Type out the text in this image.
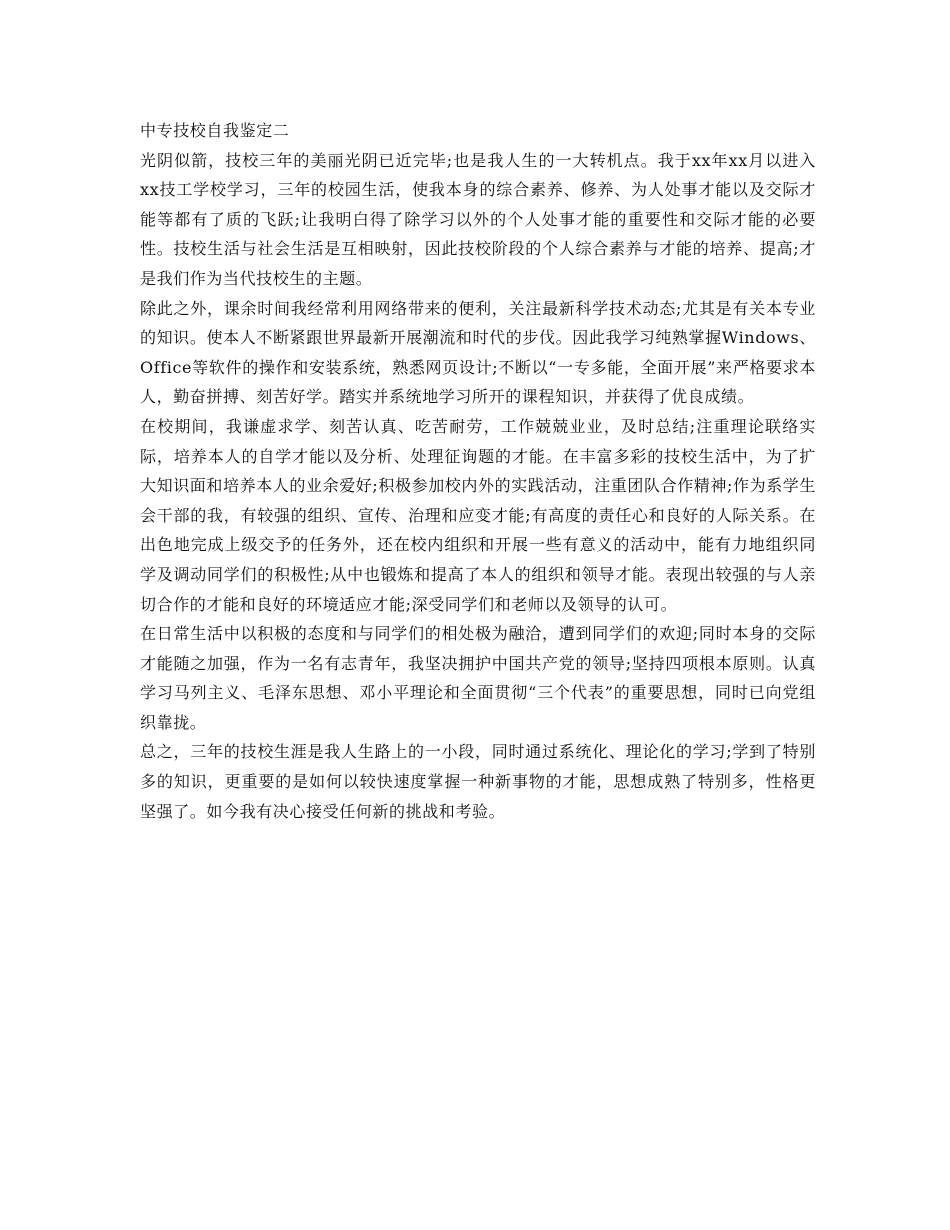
中专技校自我鉴定二

光阴似箭，技校三年的美丽光阴已近完毕;也是我人生的一大转机点。我于xx年xx月以进入xx技工学校学习，三年的校园生活，使我本身的综合素养、修养、为人处事才能以及交际才能等都有了质的飞跃;让我明白得了除学习以外的个人处事才能的重要性和交际才能的必要性。技校生活与社会生活是互相映射，因此技校阶段的个人综合素养与才能的培养、提高;才是我们作为当代技校生的主题。

除此之外，课余时间我经常利用网络带来的便利，关注最新科学技术动态;尤其是有关本专业的知识。使本人不断紧跟世界最新开展潮流和时代的步伐。因此我学习纯熟掌握Windows、Office等软件的操作和安装系统，熟悉网页设计;不断以“一专多能，全面开展”来严格要求本人，勤奋拼搏、刻苦好学。踏实并系统地学习所开的课程知识，并获得了优良成绩。

在校期间，我谦虚求学、刻苦认真、吃苦耐劳，工作兢兢业业，及时总结;注重理论联络实际，培养本人的自学才能以及分析、处理征询题的才能。在丰富多彩的技校生活中，为了扩大知识面和培养本人的业余爱好;积极参加校内外的实践活动，注重团队合作精神;作为系学生会干部的我，有较强的组织、宣传、治理和应变才能;有高度的责任心和良好的人际关系。在出色地完成上级交予的任务外，还在校内组织和开展一些有意义的活动中，能有力地组织同学及调动同学们的积极性;从中也锻炼和提高了本人的组织和领导才能。表现出较强的与人亲切合作的才能和良好的环境适应才能;深受同学们和老师以及领导的认可。

在日常生活中以积极的态度和与同学们的相处极为融洽，遭到同学们的欢迎;同时本身的交际才能随之加强，作为一名有志青年，我坚决拥护中国共产党的领导;坚持四项根本原则。认真学习马列主义、毛泽东思想、邓小平理论和全面贯彻“三个代表”的重要思想，同时已向党组织靠拢。

总之，三年的技校生涯是我人生路上的一小段，同时通过系统化、理论化的学习;学到了特别多的知识，更重要的是如何以较快速度掌握一种新事物的才能，思想成熟了特别多，性格更坚强了。如今我有决心接受任何新的挑战和考验。
